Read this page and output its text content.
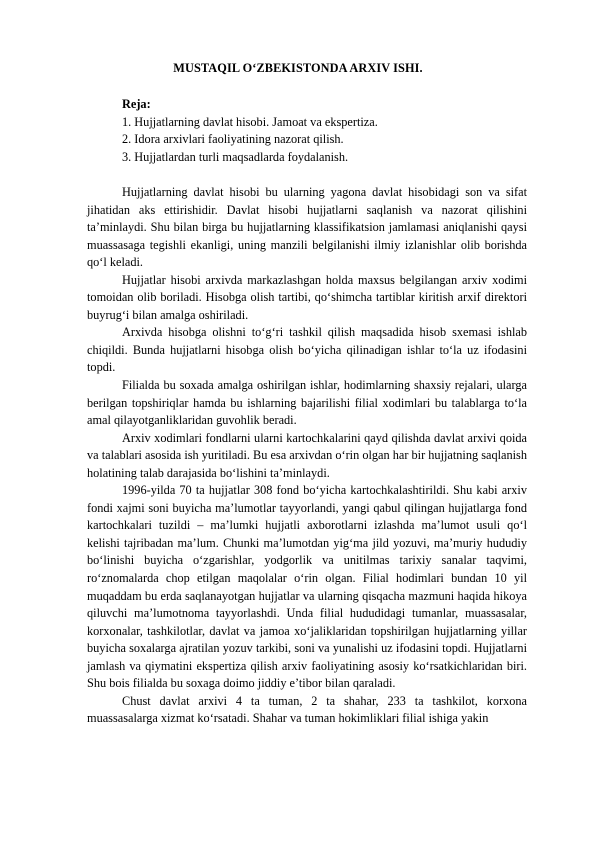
MUSTAQIL O‘ZBEKISTONDA ARXIV ISHI.
Reja:
1. Hujjatlarning davlat hisobi. Jamoat va ekspertiza.
2. Idora arxivlari faoliyatining nazorat qilish.
3. Hujjatlardan turli maqsadlarda foydalanish.

Hujjatlarning davlat hisobi bu ularning yagona davlat hisobidagi son va sifat jihatidan aks ettirishidir. Davlat hisobi hujjatlarni saqlanish va nazorat qilishini ta’minlaydi. Shu bilan birga bu hujjatlarning klassifikatsion jamlamasi aniqlanishi qaysi muassasaga tegishli ekanligi, uning manzili belgilanishi ilmiy izlanishlar olib borishda qo‘l keladi.

Hujjatlar hisobi arxivda markazlashgan holda maxsus belgilangan arxiv xodimi tomoidan olib boriladi. Hisobga olish tartibi, qo‘shimcha tartiblar kiritish arxif direktori buyrug‘i bilan amalga oshiriladi.

Arxivda hisobga olishni to‘g‘ri tashkil qilish maqsadida hisob sxemasi ishlab chiqildi. Bunda hujjatlarni hisobga olish bo‘yicha qilinadigan ishlar to‘la uz ifodasini topdi.

Filialda bu soxada amalga oshirilgan ishlar, hodimlarning shaxsiy rejalari, ularga berilgan topshiriqlar hamda bu ishlarning bajarilishi filial xodimlari bu talablarga to‘la amal qilayotganliklaridan guvohlik beradi.

Arxiv xodimlari fondlarni ularni kartochkalarini qayd qilishda davlat arxivi qoida va talablari asosida ish yuritiladi. Bu esa arxivdan o‘rin olgan har bir hujjatning saqlanish holatining talab darajasida bo‘lishini ta’minlaydi.

1996-yilda 70 ta hujjatlar 308 fond bo‘yicha kartochkalashtirildi. Shu kabi arxiv fondi xajmi soni buyicha ma’lumotlar tayyorlandi, yangi qabul qilingan hujjatlarga fond kartochkalari tuzildi – ma’lumki hujjatli axborotlarni izlashda ma’lumot usuli qo‘l kelishi tajribadan ma’lum. Chunki ma’lumotdan yig‘ma jild yozuvi, ma’muriy hududiy bo‘linishi buyicha o‘zgarishlar, yodgorlik va unitilmas tarixiy sanalar taqvimi, ro‘znomalarda chop etilgan maqolalar o‘rin olgan. Filial hodimlari bundan 10 yil muqaddam bu erda saqlanayotgan hujjatlar va ularning qisqacha mazmuni haqida hikoya qiluvchi ma’lumotnoma tayyorlashdi. Unda filial hududidagi tumanlar, muassasalar, korxonalar, tashkilotlar, davlat va jamoa xo‘jaliklaridan topshirilgan hujjatlarning yillar buyicha soxalarga ajratilan yozuv tarkibi, soni va yunalishi uz ifodasini topdi. Hujjatlarni jamlash va qiymatini ekspertiza qilish arxiv faoliyatining asosiy ko‘rsatkichlaridan biri. Shu bois filialda bu soxaga doimo jiddiy e’tibor bilan qaraladi.

Chust davlat arxivi 4 ta tuman, 2 ta shahar, 233 ta tashkilot, korxona muassasalarga xizmat ko‘rsatadi. Shahar va tuman hokimliklari filial ishiga yakin
